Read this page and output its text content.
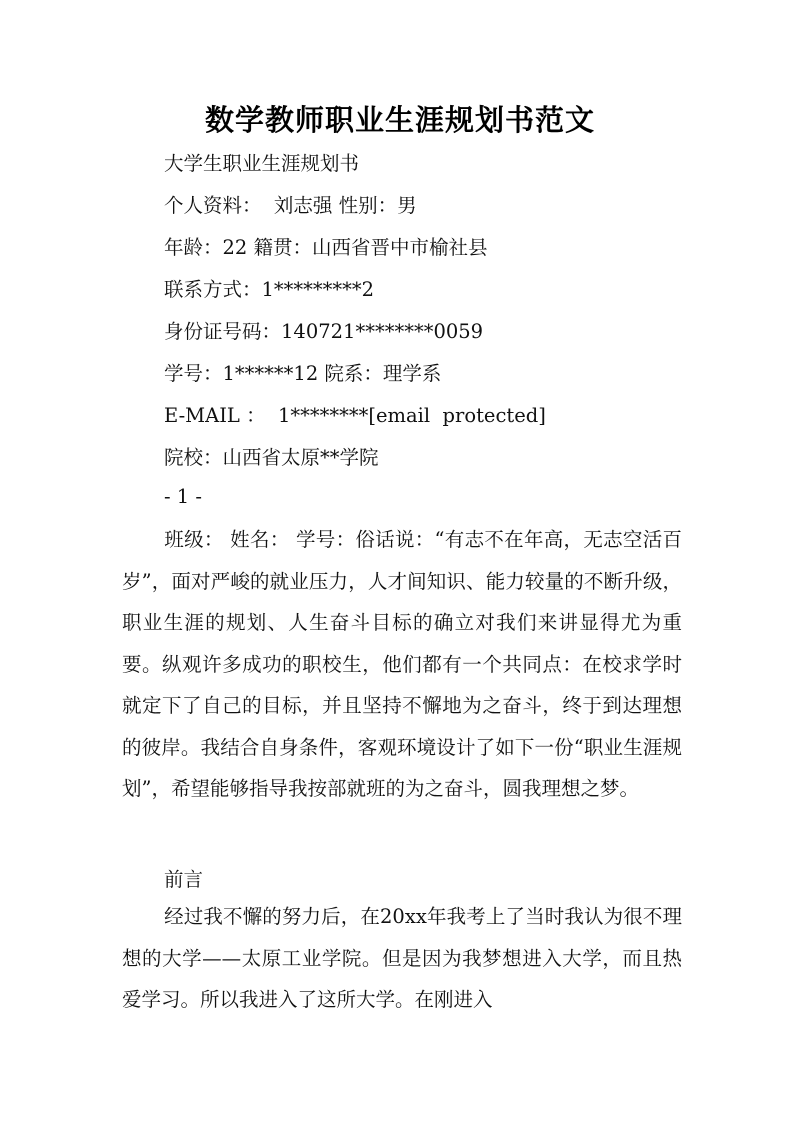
数学教师职业生涯规划书范文
大学生职业生涯规划书
个人资料：  刘志强 性别：男
年龄：22 籍贯：山西省晋中市榆社县
联系方式：1*********2
身份证号码：140721********0059
学号：1******12 院系：理学系
E-MAIL ：  1********[email  protected]
院校：山西省太原**学院
- 1 -

班级： 姓名： 学号：俗话说：“有志不在年高，无志空活百岁”，面对严峻的就业压力，人才间知识、能力较量的不断升级，职业生涯的规划、人生奋斗目标的确立对我们来讲显得尤为重要。纵观许多成功的职校生，他们都有一个共同点：在校求学时就定下了自己的目标，并且坚持不懈地为之奋斗，终于到达理想的彼岸。我结合自身条件，客观环境设计了如下一份“职业生涯规划”，希望能够指导我按部就班的为之奋斗，圆我理想之梦。

前言

经过我不懈的努力后，在20xx年我考上了当时我认为很不理想的大学——太原工业学院。但是因为我梦想进入大学，而且热爱学习。所以我进入了这所大学。在刚进入
